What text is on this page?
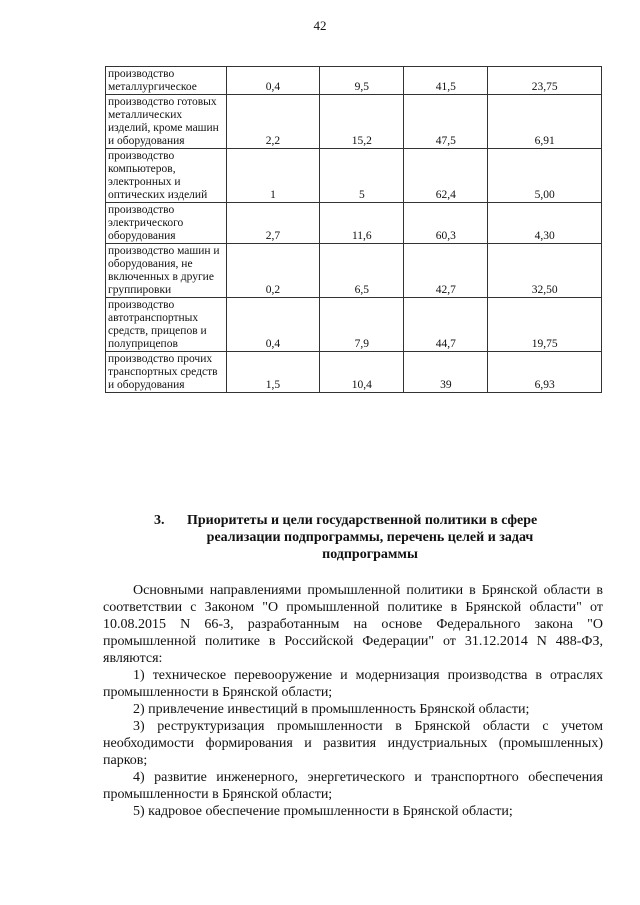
42
производство металлургическое	0,4	9,5	41,5	23,75
производство готовых металлических изделий, кроме машин и оборудования	2,2	15,2	47,5	6,91
производство компьютеров, электронных и оптических изделий	1	5	62,4	5,00
производство электрического оборудования	2,7	11,6	60,3	4,30
производство машин и оборудования, не включенных в другие группировки	0,2	6,5	42,7	32,50
производство автотранспортных средств, прицепов и полуприцепов	0,4	7,9	44,7	19,75
производство прочих транспортных средств и оборудования	1,5	10,4	39	6,93
3. Приоритеты и цели государственной политики в сфере
реализации подпрограммы, перечень целей и задач
подпрограммы

Основными направлениями промышленной политики в Брянской области в соответствии с Законом "О промышленной политике в Брянской области" от 10.08.2015 N 66-З, разработанным на основе Федерального закона "О промышленной политике в Российской Федерации" от 31.12.2014 N 488-ФЗ, являются:

1) техническое перевооружение и модернизация производства в отраслях промышленности в Брянской области;

2) привлечение инвестиций в промышленность Брянской области;

3) реструктуризация промышленности в Брянской области с учетом необходимости формирования и развития индустриальных (промышленных) парков;

4) развитие инженерного, энергетического и транспортного обеспечения промышленности в Брянской области;

5) кадровое обеспечение промышленности в Брянской области;
